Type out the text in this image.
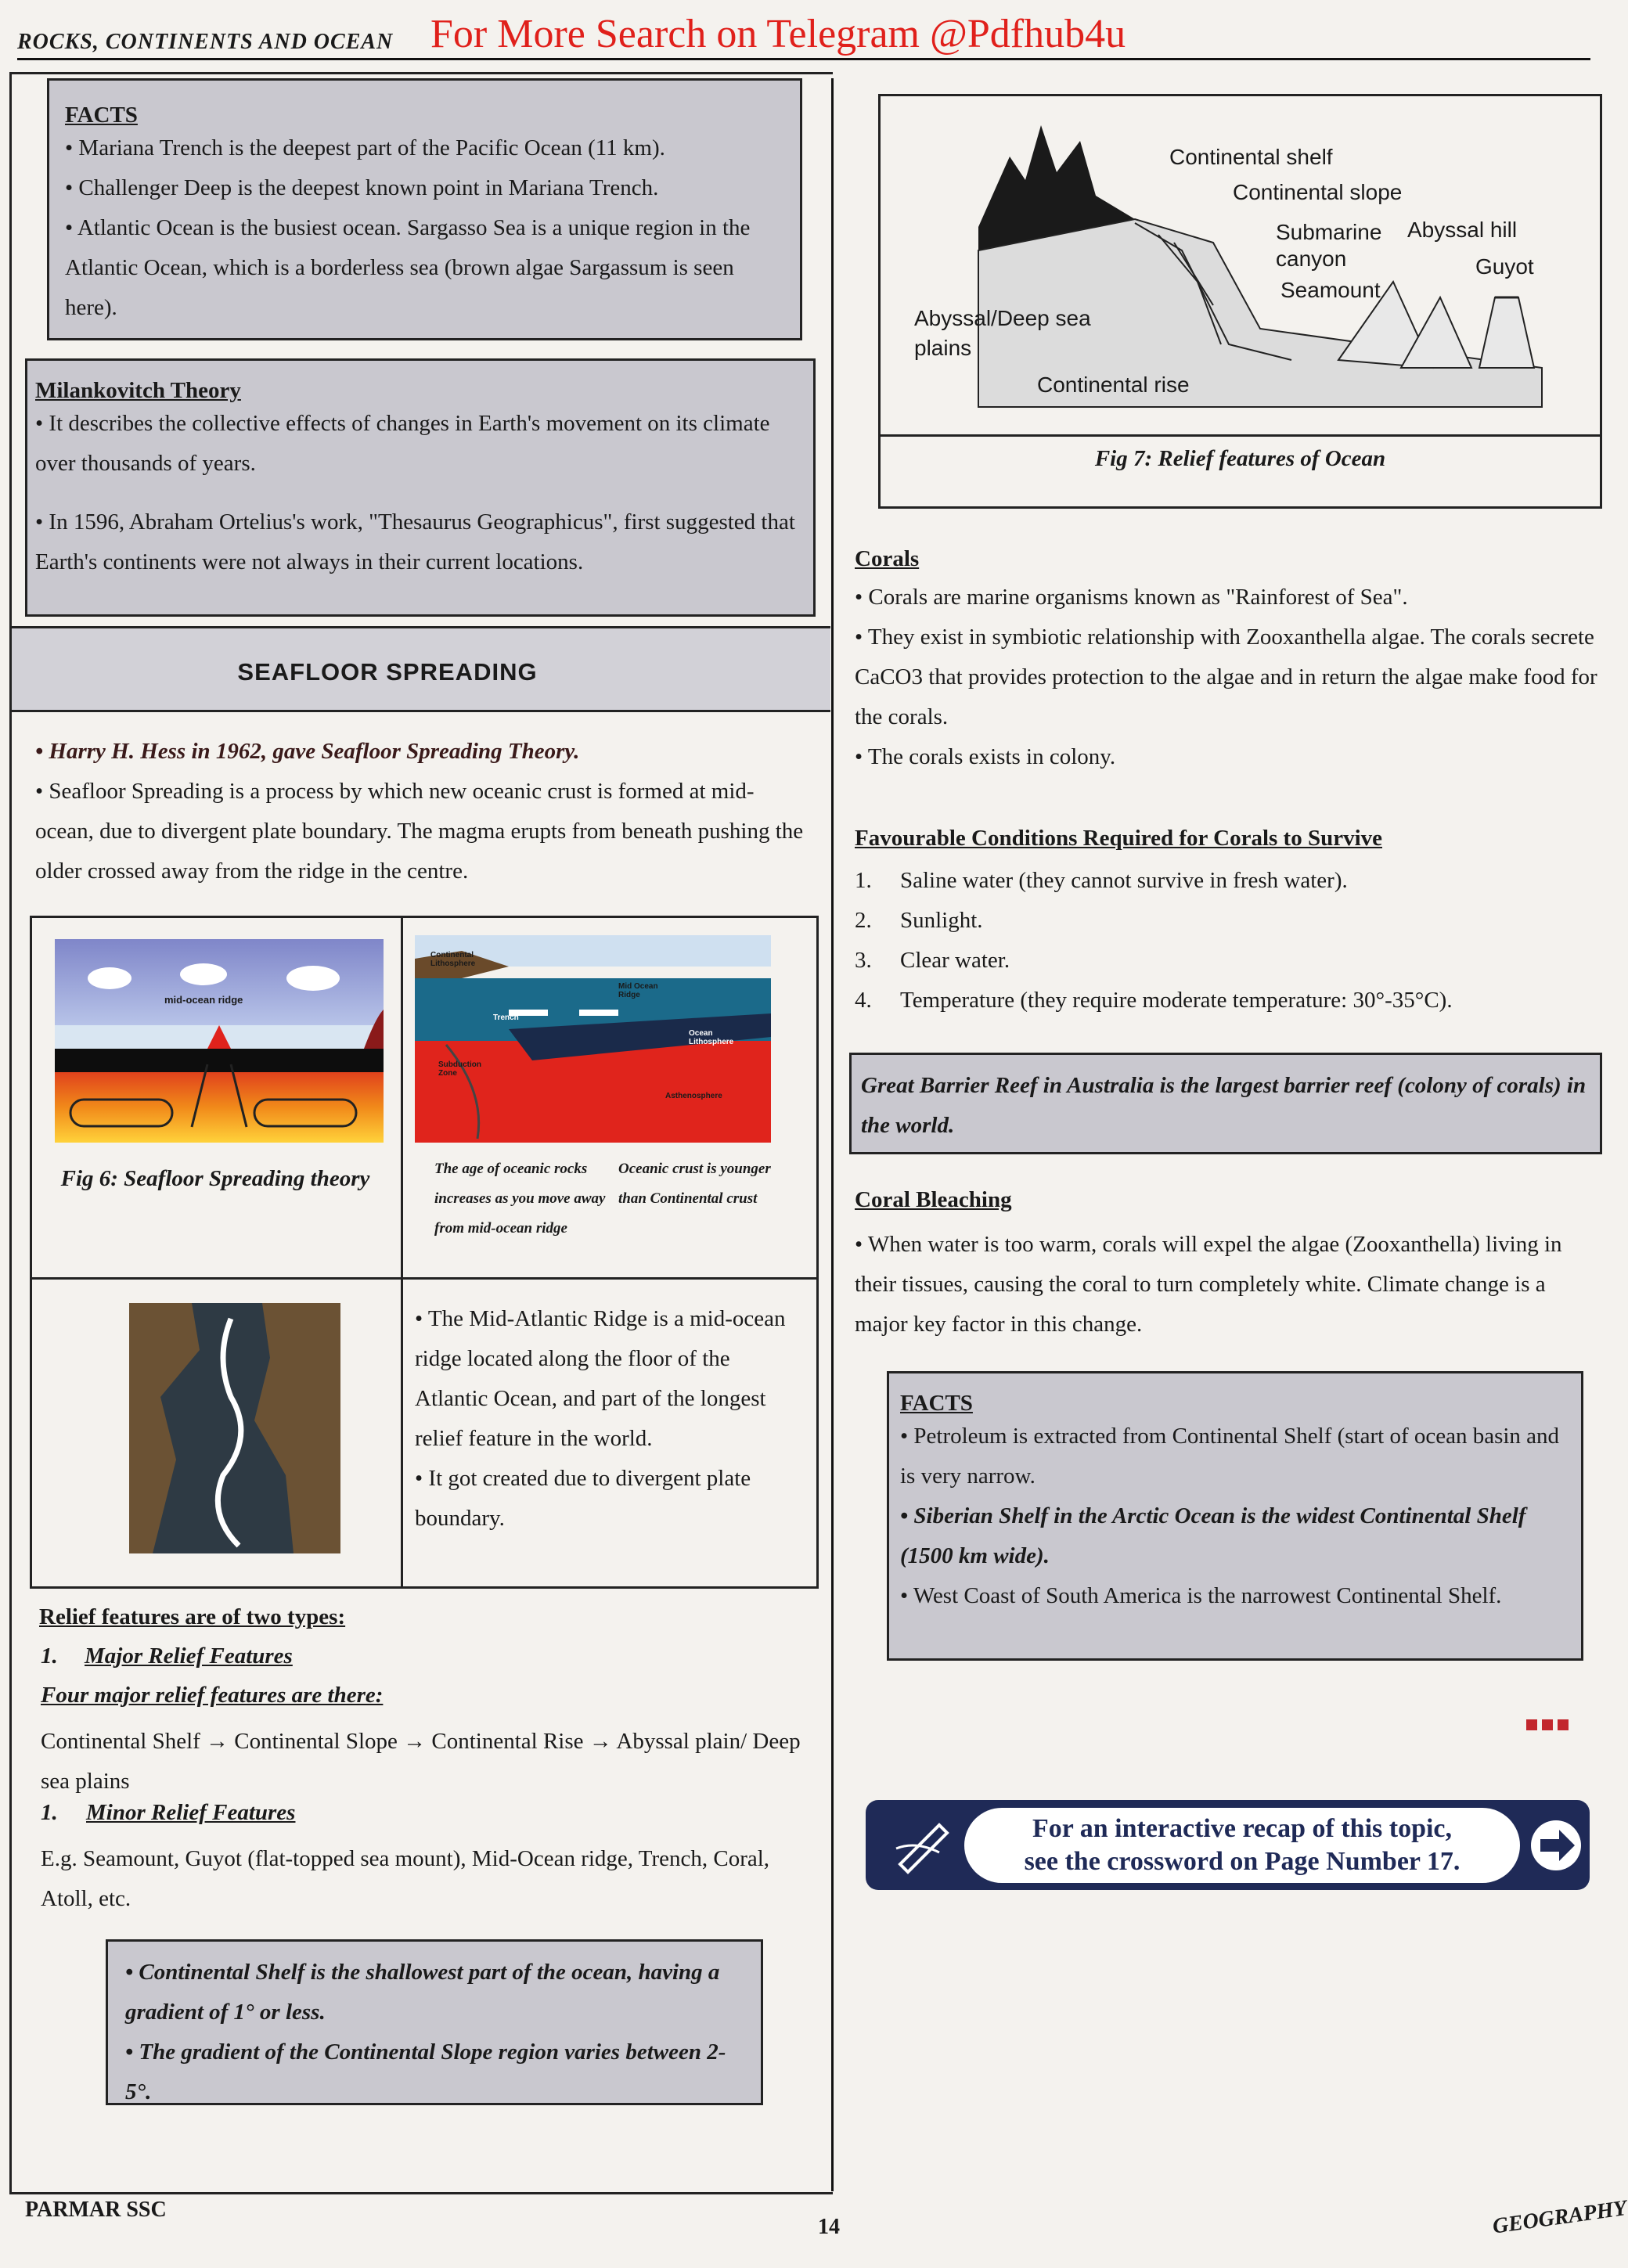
ROCKS, CONTINENTS AND OCEAN For More Search on Telegram @Pdfhub4u
FACTS

• Mariana Trench is the deepest part of the Pacific Ocean (11 km).

• Challenger Deep is the deepest known point in Mariana Trench.

• Atlantic Ocean is the busiest ocean. Sargasso Sea is a unique region in the Atlantic Ocean, which is a borderless sea (brown algae Sargassum is seen here).

Milankovitch Theory

• It describes the collective effects of changes in Earth's movement on its climate over thousands of years.

• In 1596, Abraham Ortelius's work, "Thesaurus Geographicus", first suggested that Earth's continents were not always in their current locations.

SEAFLOOR SPREADING

• Harry H. Hess in 1962, gave Seafloor Spreading Theory.

• Seafloor Spreading is a process by which new oceanic crust is formed at mid-ocean, due to divergent plate boundary. The magma erupts from beneath pushing the older crossed away from the ridge in the centre.

mid-ocean ridge
Fig 6: Seafloor Spreading theory
Continental Lithosphere
Mid Ocean Ridge
Trench
Ocean Lithosphere
Subduction Zone
Asthenosphere
The age of oceanic rocks increases as you move away from mid-ocean ridge
Oceanic crust is younger than Continental crust

• The Mid-Atlantic Ridge is a mid-ocean ridge located along the floor of the Atlantic Ocean, and part of the longest relief feature in the world.

• It got created due to divergent plate boundary.

Relief features are of two types:
1. Major Relief Features
Four major relief features are there:
Continental Shelf → Continental Slope → Continental Rise → Abyssal plain/ Deep sea plains
1. Minor Relief Features
E.g. Seamount, Guyot (flat-topped sea mount), Mid-Ocean ridge, Trench, Coral, Atoll, etc.

• Continental Shelf is the shallowest part of the ocean, having a gradient of 1° or less.

• The gradient of the Continental Slope region varies between 2-5°.

Continental shelf
Continental slope
Submarine canyon
Abyssal hill
Guyot
Seamount
Abyssal/Deep sea plains
Continental rise
Fig 7: Relief features of Ocean
Corals

• Corals are marine organisms known as "Rainforest of Sea".

• They exist in symbiotic relationship with Zooxanthella algae. The corals secrete CaCO3 that provides protection to the algae and in return the algae make food for the corals.

• The corals exists in colony.

Favourable Conditions Required for Corals to Survive
1. Saline water (they cannot survive in fresh water).
2. Sunlight.
3. Clear water.
4. Temperature (they require moderate temperature: 30°-35°C).

Great Barrier Reef in Australia is the largest barrier reef (colony of corals) in the world.

Coral Bleaching

• When water is too warm, corals will expel the algae (Zooxanthella) living in their tissues, causing the coral to turn completely white. Climate change is a major key factor in this change.

FACTS

• Petroleum is extracted from Continental Shelf (start of ocean basin and is very narrow.

• Siberian Shelf in the Arctic Ocean is the widest Continental Shelf (1500 km wide).

• West Coast of South America is the narrowest Continental Shelf.

For an interactive recap of this topic,
see the crossword on Page Number 17.
PARMAR SSC
14	GEOGRAPHY
